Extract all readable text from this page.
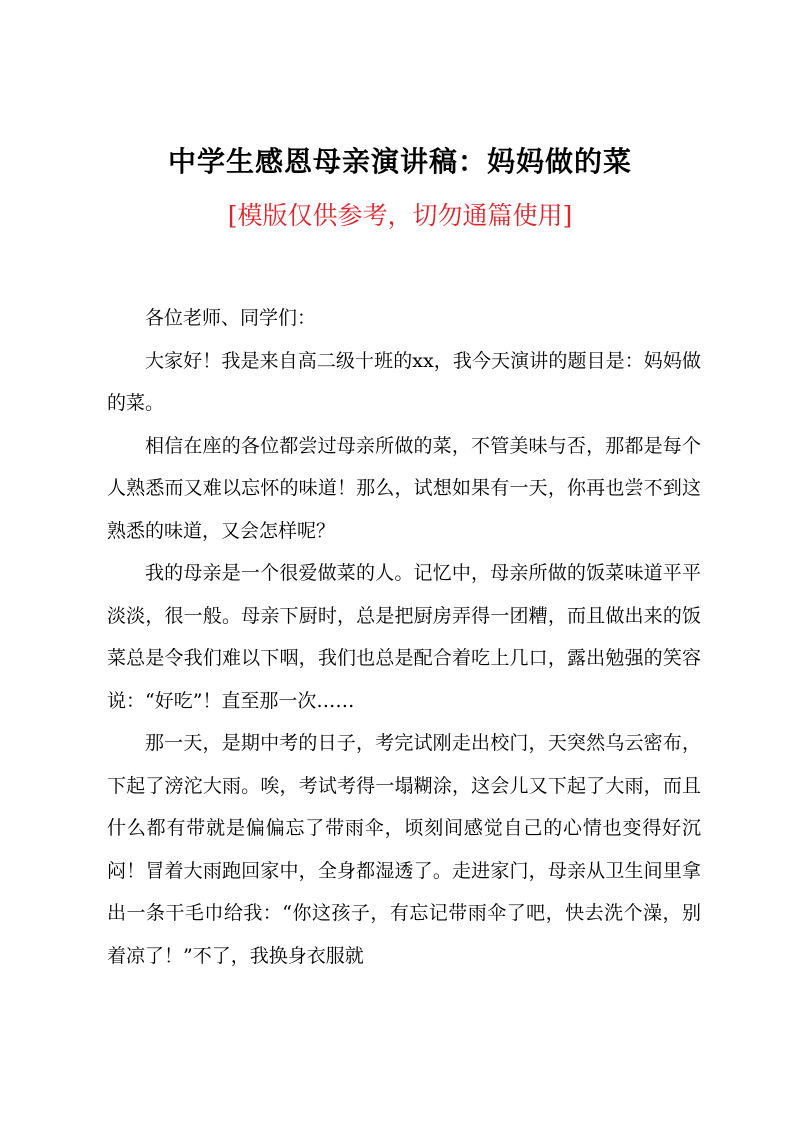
中学生感恩母亲演讲稿：妈妈做的菜
[模版仅供参考，切勿通篇使用]

各位老师、同学们：

大家好！我是来自高二级十班的xx，我今天演讲的题目是：妈妈做的菜。

相信在座的各位都尝过母亲所做的菜，不管美味与否，那都是每个人熟悉而又难以忘怀的味道！那么，试想如果有一天，你再也尝不到这熟悉的味道，又会怎样呢？

我的母亲是一个很爱做菜的人。记忆中，母亲所做的饭菜味道平平淡淡，很一般。母亲下厨时，总是把厨房弄得一团糟，而且做出来的饭菜总是令我们难以下咽，我们也总是配合着吃上几口，露出勉强的笑容说：“好吃”！直至那一次……

那一天，是期中考的日子，考完试刚走出校门，天突然乌云密布，下起了滂沱大雨。唉，考试考得一塌糊涂，这会儿又下起了大雨，而且什么都有带就是偏偏忘了带雨伞，顷刻间感觉自己的心情也变得好沉闷！冒着大雨跑回家中，全身都湿透了。走进家门，母亲从卫生间里拿出一条干毛巾给我：“你这孩子，有忘记带雨伞了吧，快去洗个澡，别着凉了！”不了，我换身衣服就
